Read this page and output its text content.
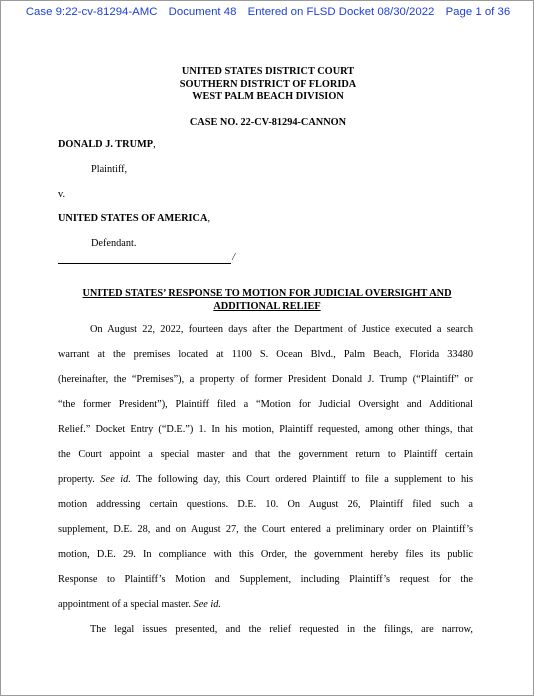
Case 9:22-cv-81294-AMC Document 48 Entered on FLSD Docket 08/30/2022 Page 1 of 36
UNITED STATES DISTRICT COURT
SOUTHERN DISTRICT OF FLORIDA
WEST PALM BEACH DIVISION
CASE NO. 22-CV-81294-CANNON
DONALD J. TRUMP,
Plaintiff,
v.
UNITED STATES OF AMERICA,
Defendant.
/
UNITED STATES’ RESPONSE TO MOTION FOR JUDICIAL OVERSIGHT AND
ADDITIONAL RELIEF
On August 22, 2022, fourteen days after the Department of Justice executed a search
warrant at the premises located at 1100 S. Ocean Blvd., Palm Beach, Florida 33480
(hereinafter, the “Premises”), a property of former President Donald J. Trump (“Plaintiff” or
“the former President”), Plaintiff filed a “Motion for Judicial Oversight and Additional
Relief.” Docket Entry (“D.E.”) 1. In his motion, Plaintiff requested, among other things, that
the Court appoint a special master and that the government return to Plaintiff certain
property. See id. The following day, this Court ordered Plaintiff to file a supplement to his
motion addressing certain questions. D.E. 10. On August 26, Plaintiff filed such a
supplement, D.E. 28, and on August 27, the Court entered a preliminary order on Plaintiff’s
motion, D.E. 29. In compliance with this Order, the government hereby files its public
Response to Plaintiff’s Motion and Supplement, including Plaintiff’s request for the
appointment of a special master. See id.
The legal issues presented, and the relief requested in the filings, are narrow,
